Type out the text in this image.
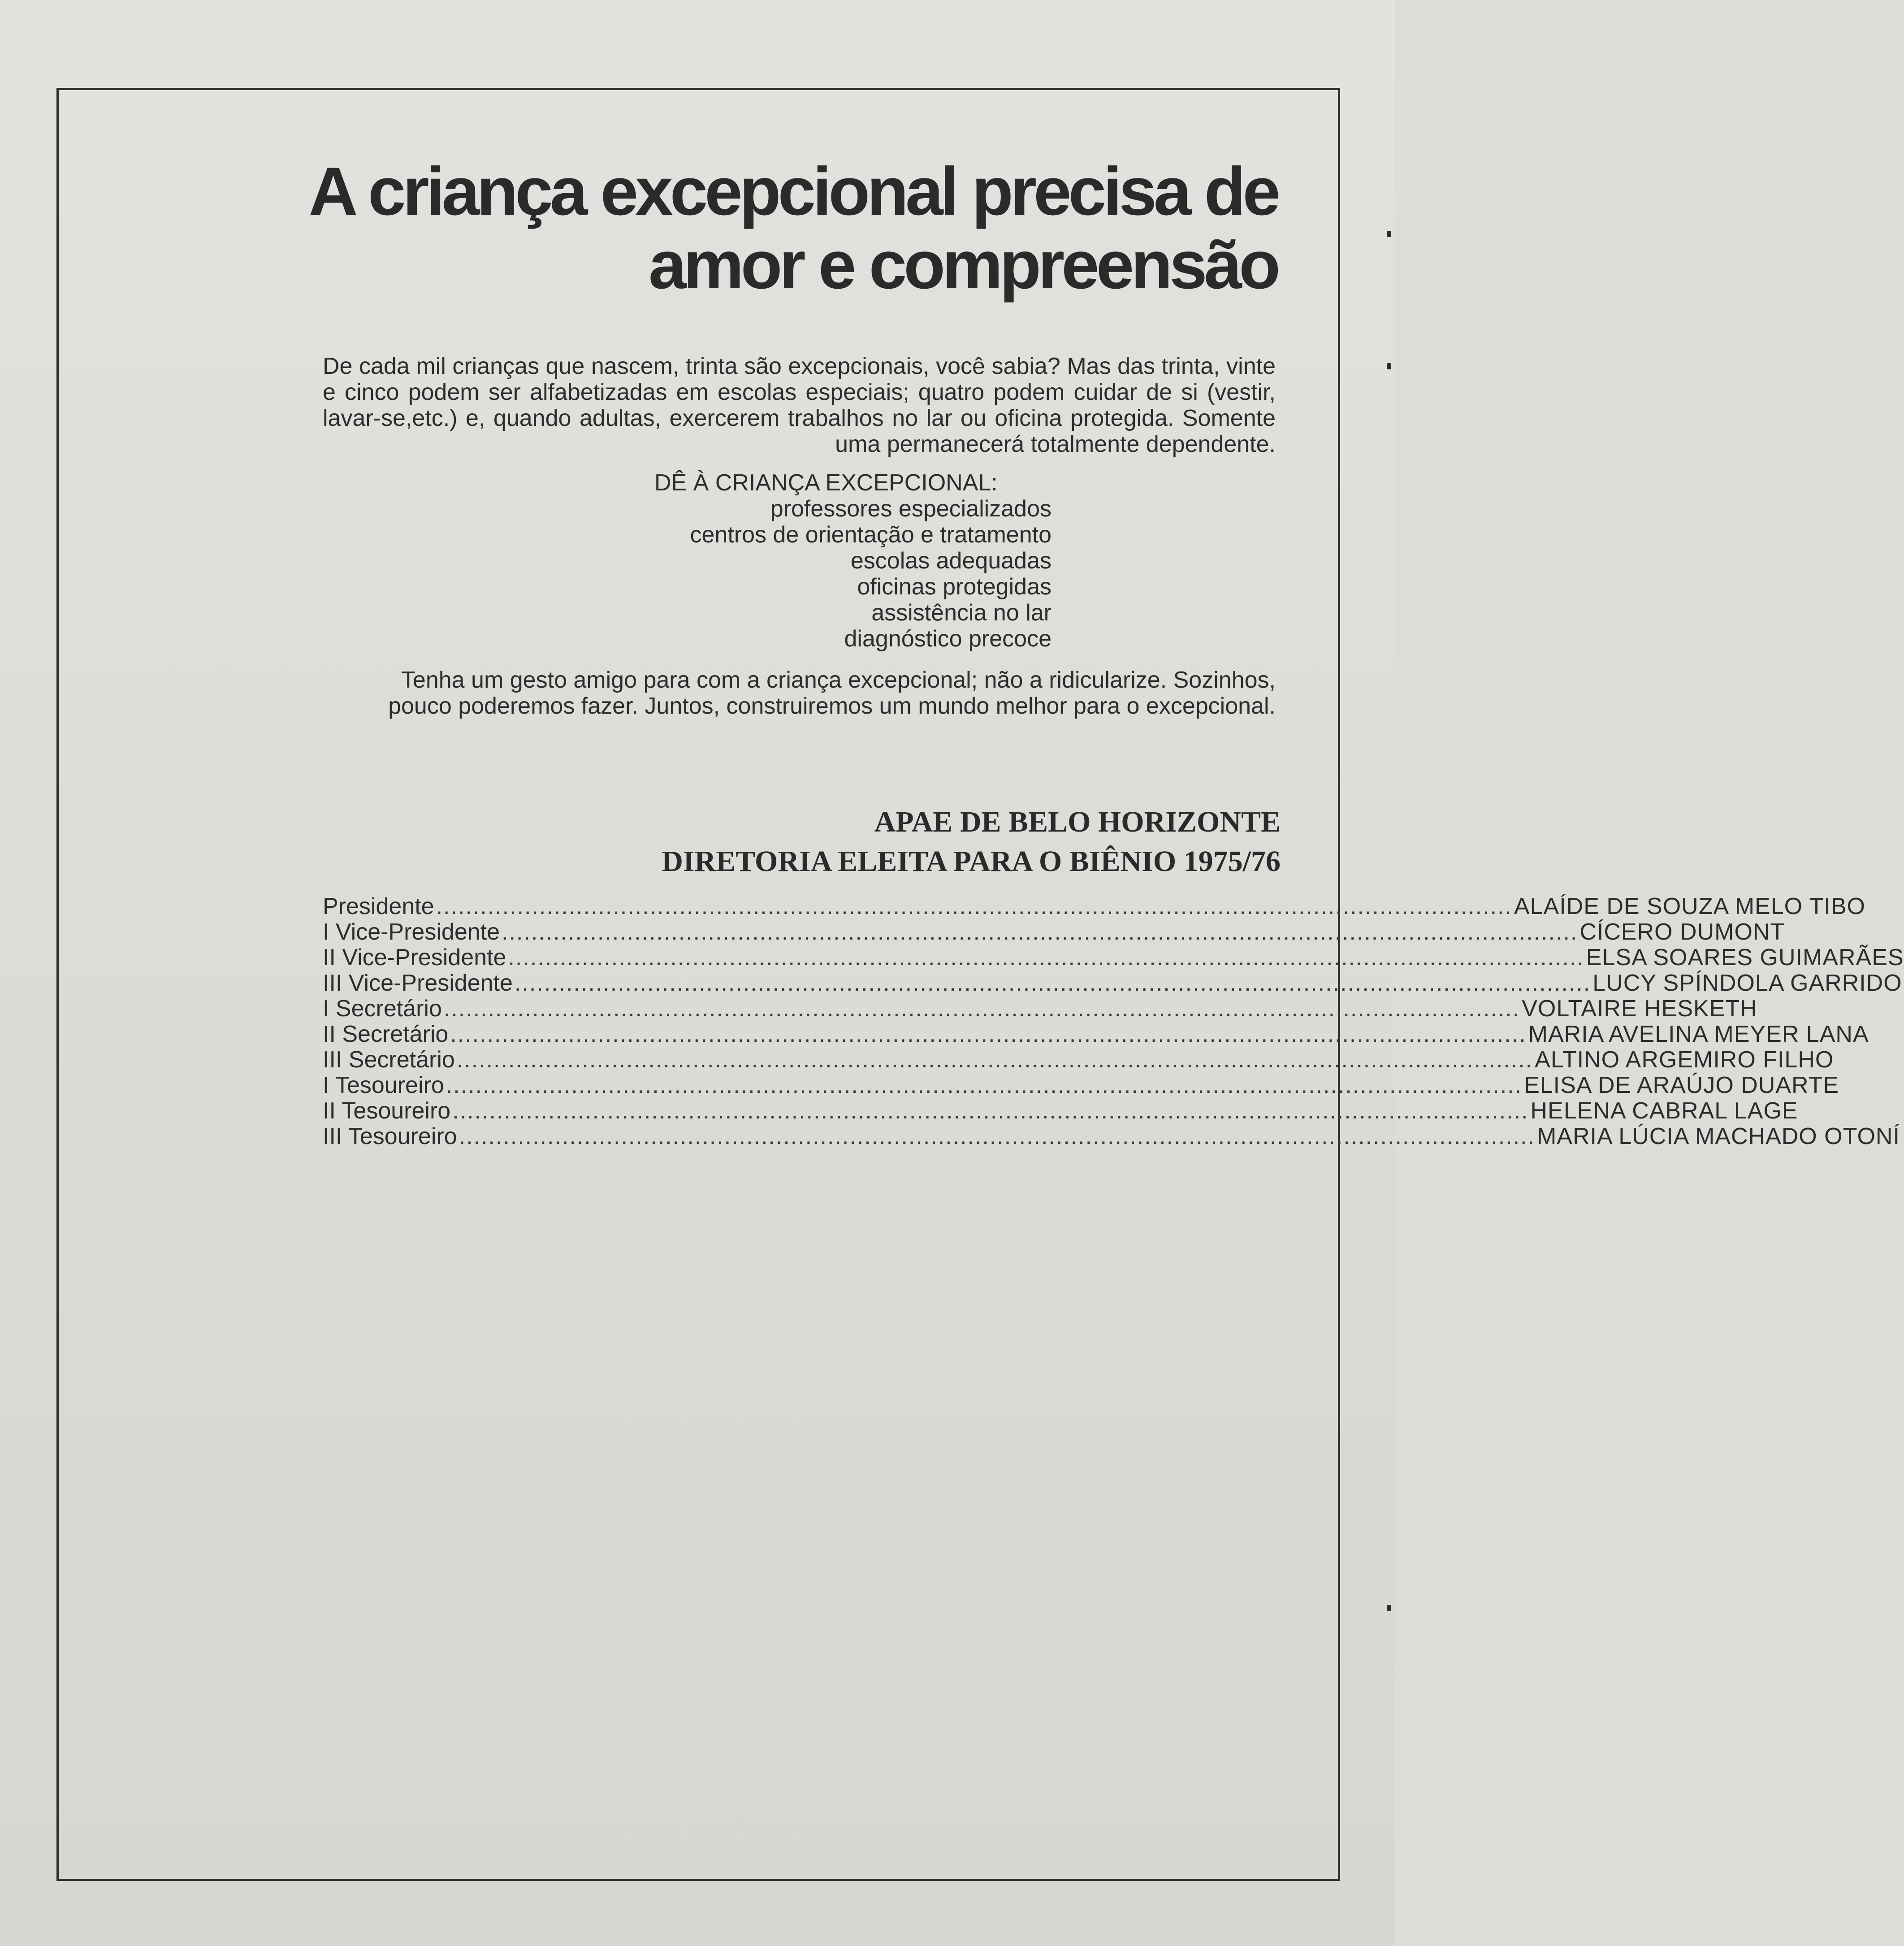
A criança excepcional precisa de
amor e compreensão

De cada mil crianças que nascem, trinta são excepcionais, você sabia? Mas das trinta, vinte e cinco podem ser alfabetizadas em escolas especiais; quatro podem cuidar de si (vestir, lavar-se,etc.) e, quando adultas, exercerem trabalhos no lar ou oficina protegida. Somente uma permanecerá totalmente dependente.

DÊ À CRIANÇA EXCEPCIONAL:
professores especializados
centros de orientação e tratamento
escolas adequadas
oficinas protegidas
assistência no lar
diagnóstico precoce

Tenha um gesto amigo para com a criança excepcional; não a ridicularize. Sozinhos, pouco poderemos fazer. Juntos, construiremos um mundo melhor para o excepcional.

APAE DE BELO HORIZONTE
DIRETORIA ELEITA PARA O BIÊNIO 1975/76
Presidente .................................................................................................................................................. ALAÍDE DE SOUZA MELO TIBO
I Vice-Presidente .................................................................................................................................................. CÍCERO DUMONT
II Vice-Presidente .................................................................................................................................................. ELSA SOARES GUIMARÃES
III Vice-Presidente .................................................................................................................................................. LUCY SPÍNDOLA GARRIDO
I Secretário .................................................................................................................................................. VOLTAIRE HESKETH
II Secretário .................................................................................................................................................. MARIA AVELINA MEYER LANA
III Secretário .................................................................................................................................................. ALTINO ARGEMIRO FILHO
I Tesoureiro .................................................................................................................................................. ELISA DE ARAÚJO DUARTE
II Tesoureiro .................................................................................................................................................. HELENA CABRAL LAGE
III Tesoureiro .................................................................................................................................................. MARIA LÚCIA MACHADO OTONÍ
